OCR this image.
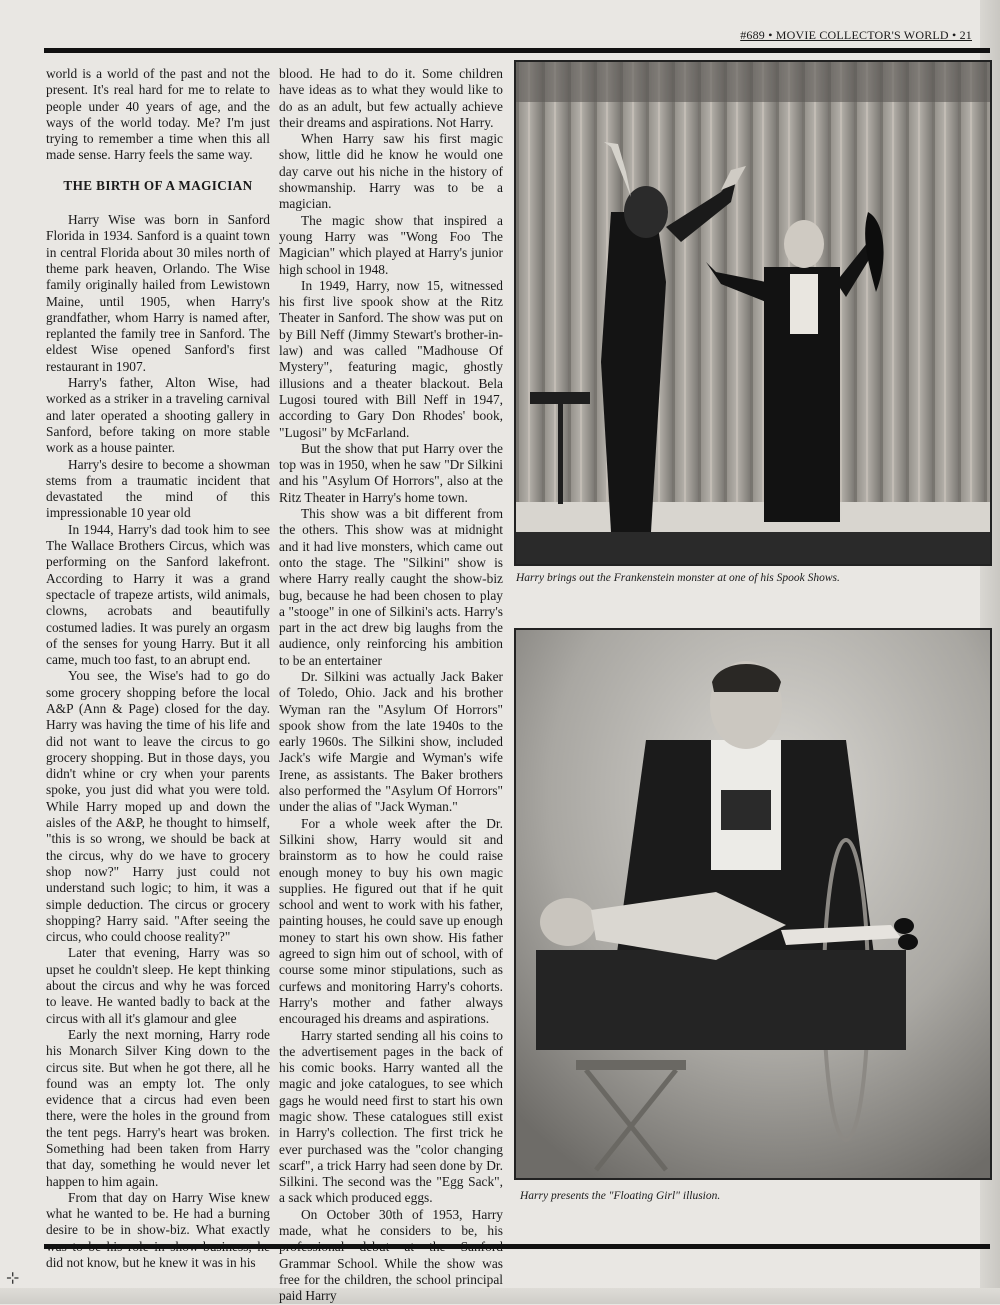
#689 • MOVIE COLLECTOR'S WORLD • 21

world is a world of the past and not the present. It's real hard for me to relate to people under 40 years of age, and the ways of the world today. Me? I'm just trying to remember a time when this all made sense. Harry feels the same way.

THE BIRTH OF A MAGICIAN

Harry Wise was born in Sanford Florida in 1934. Sanford is a quaint town in central Florida about 30 miles north of theme park heaven, Orlando. The Wise family originally hailed from Lewistown Maine, until 1905, when Harry's grandfather, whom Harry is named after, replanted the family tree in Sanford. The eldest Wise opened Sanford's first restaurant in 1907.

Harry's father, Alton Wise, had worked as a striker in a traveling carnival and later operated a shooting gallery in Sanford, before taking on more stable work as a house painter.

Harry's desire to become a showman stems from a traumatic incident that devastated the mind of this impressionable 10 year old

In 1944, Harry's dad took him to see The Wallace Brothers Circus, which was performing on the Sanford lakefront. According to Harry it was a grand spectacle of trapeze artists, wild animals, clowns, acrobats and beautifully costumed ladies. It was purely an orgasm of the senses for young Harry. But it all came, much too fast, to an abrupt end.

You see, the Wise's had to go do some grocery shopping before the local A&P (Ann & Page) closed for the day. Harry was having the time of his life and did not want to leave the circus to go grocery shopping. But in those days, you didn't whine or cry when your parents spoke, you just did what you were told. While Harry moped up and down the aisles of the A&P, he thought to himself, "this is so wrong, we should be back at the circus, why do we have to grocery shop now?" Harry just could not understand such logic; to him, it was a simple deduction. The circus or grocery shopping? Harry said. "After seeing the circus, who could choose reality?"

Later that evening, Harry was so upset he couldn't sleep. He kept thinking about the circus and why he was forced to leave. He wanted badly to back at the circus with all it's glamour and glee

Early the next morning, Harry rode his Monarch Silver King down to the circus site. But when he got there, all he found was an empty lot. The only evidence that a circus had even been there, were the holes in the ground from the tent pegs. Harry's heart was broken. Something had been taken from Harry that day, something he would never let happen to him again.

From that day on Harry Wise knew what he wanted to be. He had a burning desire to be in show-biz. What exactly did not know, but he knew it was in his

blood. He had to do it. Some children have ideas as to what they would like to do as an adult, but few actually achieve their dreams and aspirations. Not Harry.

When Harry saw his first magic show, little did he know he would one day carve out his niche in the history of showmanship. Harry was to be a magician.

The magic show that inspired a young Harry was "Wong Foo The Magician" which played at Harry's junior high school in 1948.

In 1949, Harry, now 15, witnessed his first live spook show at the Ritz Theater in Sanford. The show was put on by Bill Neff (Jimmy Stewart's brother-in-law) and was called "Madhouse Of Mystery", featuring magic, ghostly illusions and a theater blackout. Bela Lugosi toured with Bill Neff in 1947, according to Gary Don Rhodes' book, "Lugosi" by McFarland.

But the show that put Harry over the top was in 1950, when he saw "Dr Silkini and his "Asylum Of Horrors", also at the Ritz Theater in Harry's home town.

This show was a bit different from the others. This show was at midnight and it had live monsters, which came out onto the stage. The "Silkini" show is where Harry really caught the show-biz bug, because he had been chosen to play a "stooge" in one of Silkini's acts. Harry's part in the act drew big laughs from the audience, only reinforcing his ambition to be an entertainer

Dr. Silkini was actually Jack Baker of Toledo, Ohio. Jack and his brother Wyman ran the "Asylum Of Horrors" spook show from the late 1940s to the early 1960s. The Silkini show, included Jack's wife Margie and Wyman's wife Irene, as assistants. The Baker brothers also performed the "Asylum Of Horrors" under the alias of "Jack Wyman."

For a whole week after the Dr. Silkini show, Harry would sit and brainstorm as to how he could raise enough money to buy his own magic supplies. He figured out that if he quit school and went to work with his father, painting houses, he could save up enough money to start his own show. His father agreed to sign him out of school, with of course some minor stipulations, such as curfews and monitoring Harry's cohorts. Harry's mother and father always encouraged his dreams and aspirations.

Harry started sending all his coins to the advertisement pages in the back of his comic books. Harry wanted all the magic and joke catalogues, to see which gags he would need first to start his own magic show. These catalogues still exist in Harry's collection. The first trick he ever purchased was the "color changing scarf", a trick Harry had seen done by Dr. Silkini. The second was the "Egg Sack", a sack which produced eggs.

On October 30th of 1953, Harry made, what he considers to be, his Grammar School. While the show was free for the children, the school principal paid Harry

Harry brings out the Frankenstein monster at one of his Spook Shows.
Harry presents the "Floating Girl" illusion.
⊹
